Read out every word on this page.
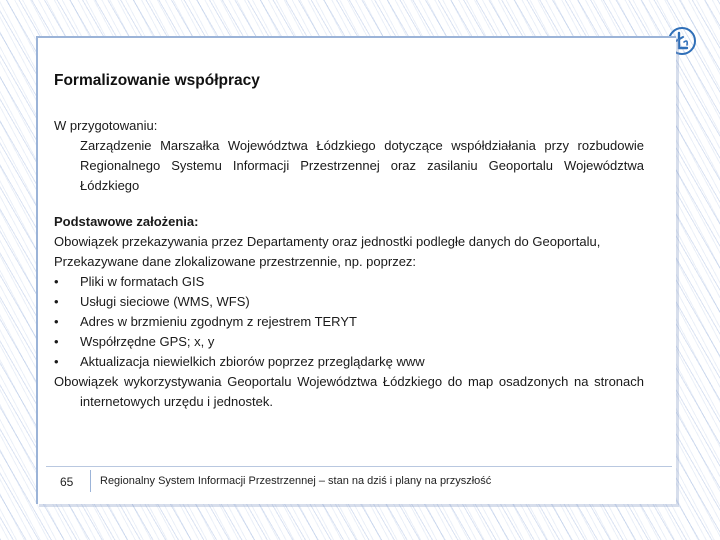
Formalizowanie współpracy

W przygotowaniu:

Zarządzenie Marszałka Województwa Łódzkiego dotyczące współdziałania przy rozbudowie Regionalnego Systemu Informacji Przestrzennej oraz zasilaniu Geoportalu Województwa Łódzkiego

Podstawowe założenia:

Obowiązek przekazywania przez Departamenty oraz jednostki podległe danych do Geoportalu,

Przekazywane dane zlokalizowane przestrzennie, np. poprzez:

•	Pliki w formatach GIS
•	Usługi sieciowe (WMS, WFS)
•	Adres w brzmieniu zgodnym z rejestrem TERYT
•	Współrzędne GPS; x, y
•	Aktualizacja niewielkich zbiorów poprzez przeglądarkę www

Obowiązek wykorzystywania Geoportalu Województwa Łódzkiego do map osadzonych na stronach internetowych urzędu i jednostek.

65 Regionalny System Informacji Przestrzennej – stan na dziś i plany na przyszłość
